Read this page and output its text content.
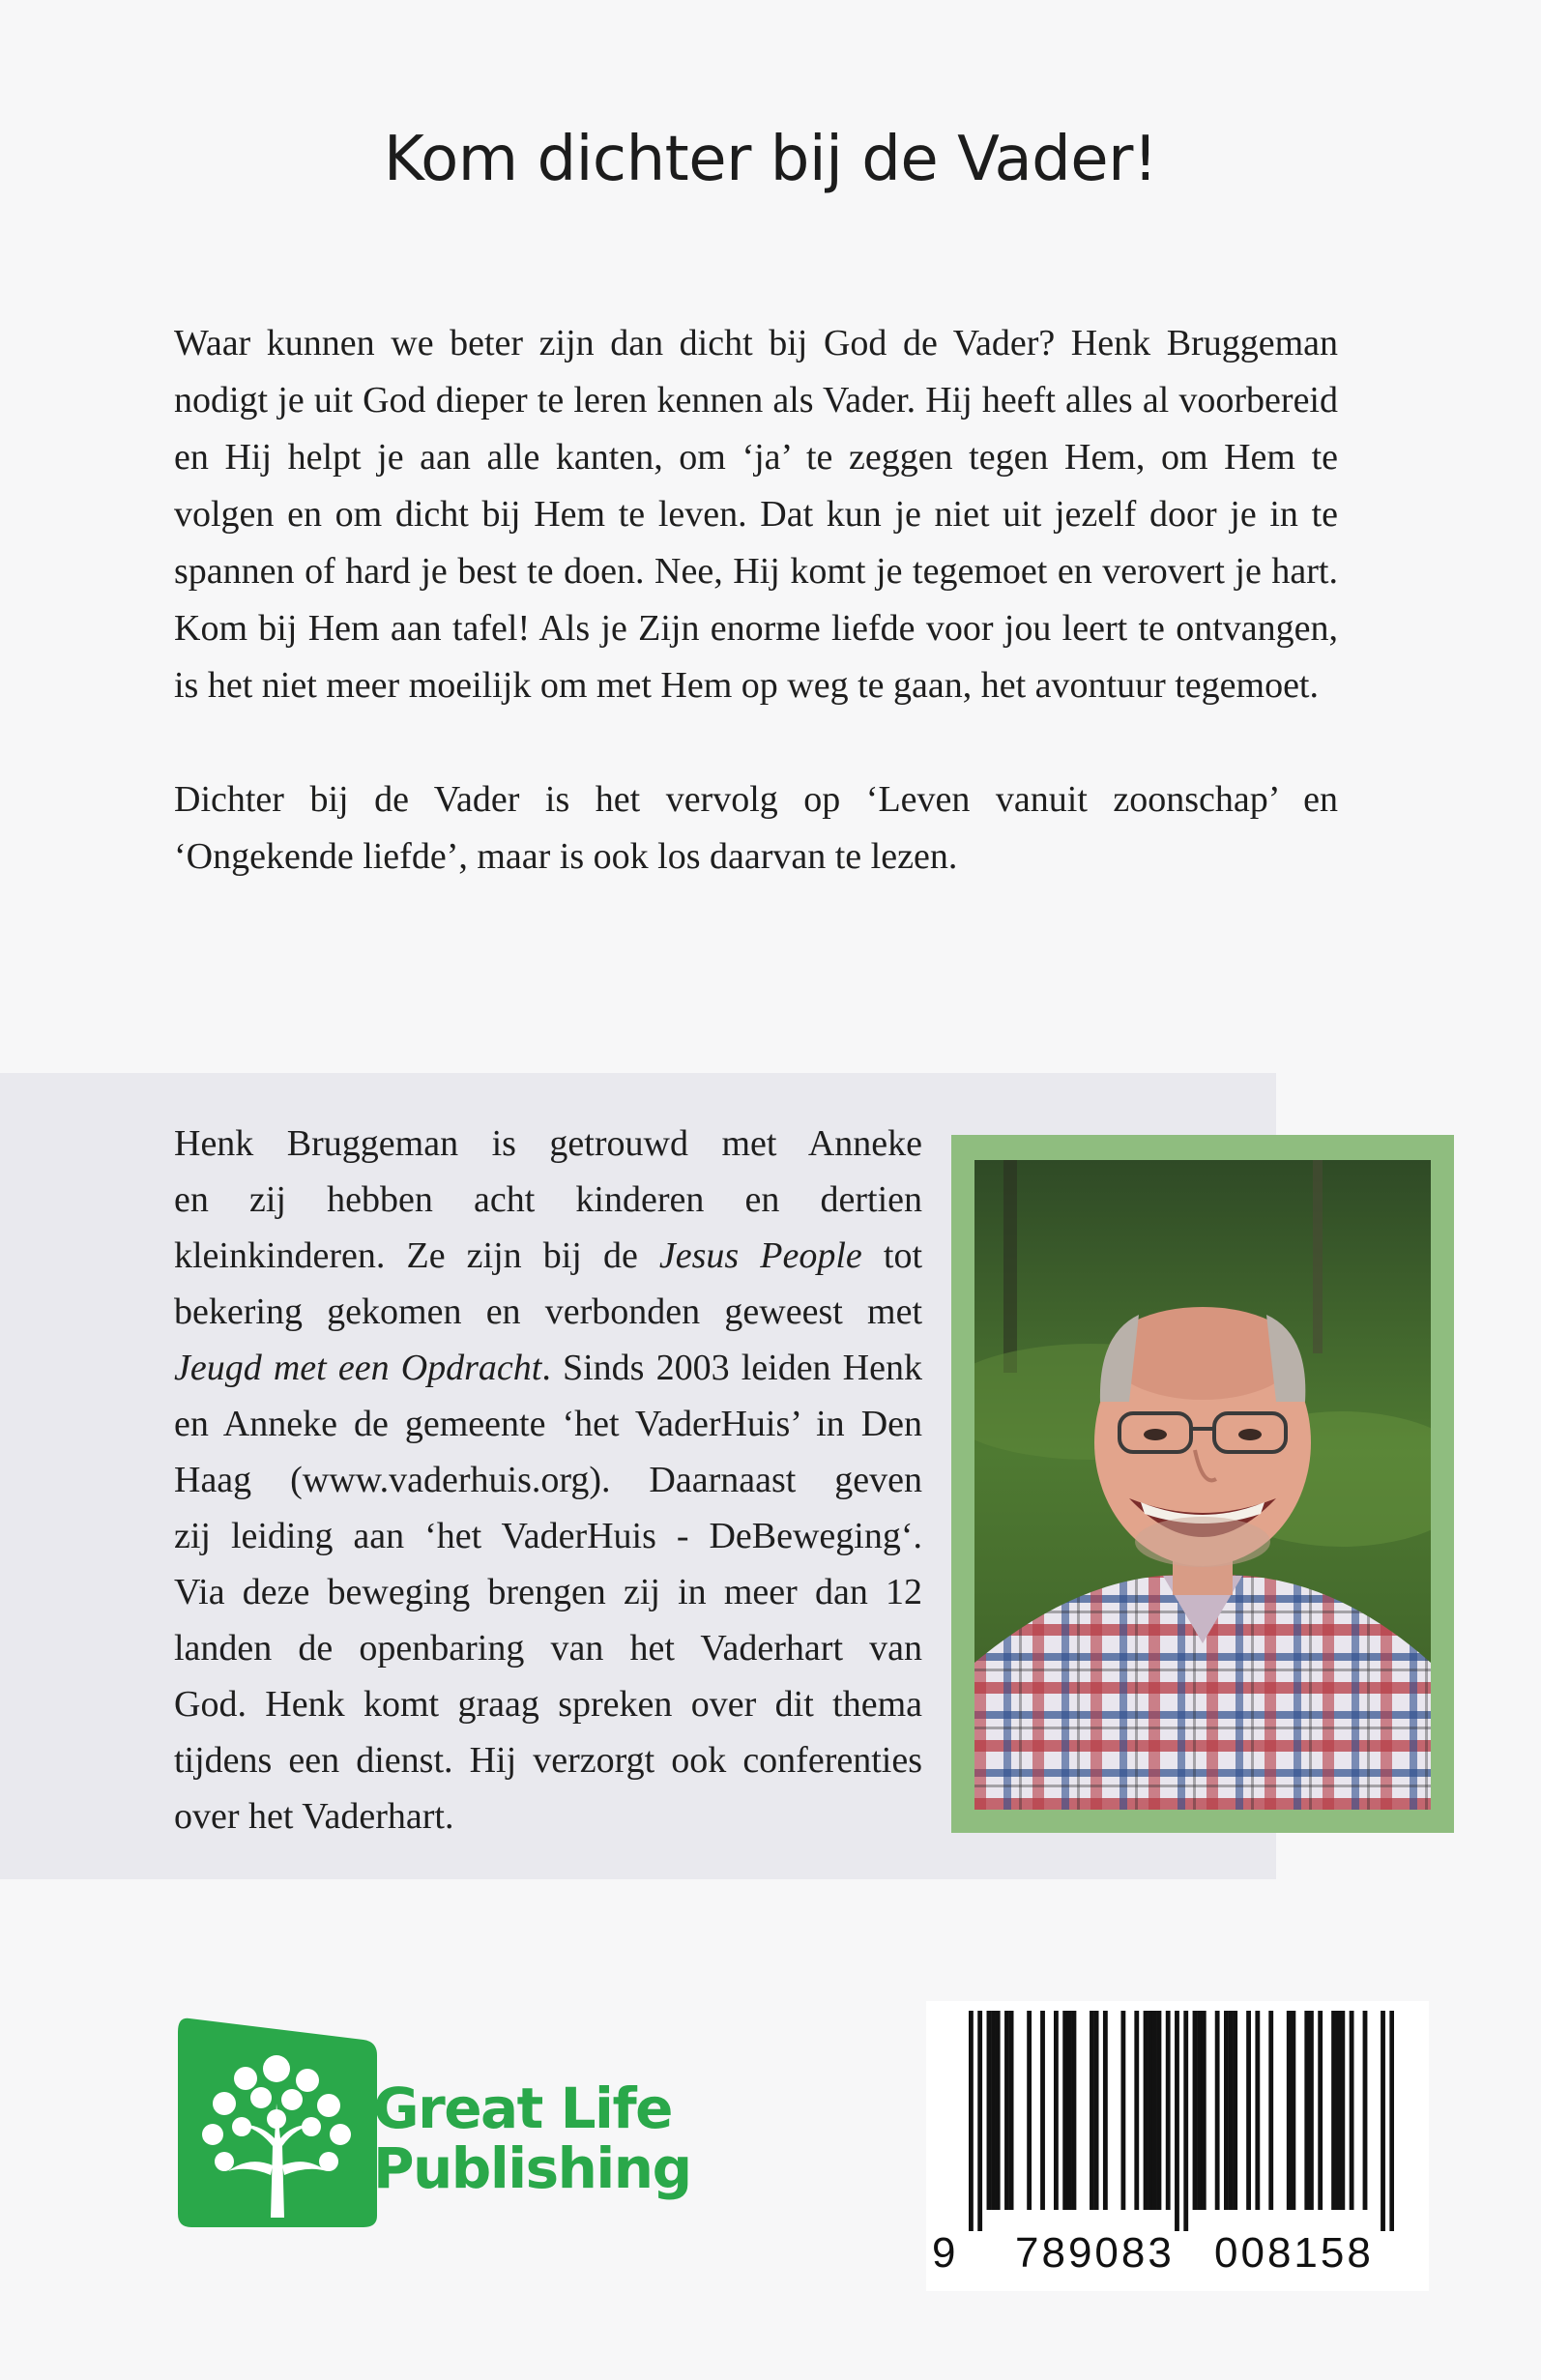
Kom dichter bij de Vader!

Waar kunnen we beter zijn dan dicht bij God de Vader? Henk Bruggeman nodigt je uit God dieper te leren kennen als Vader. Hij heeft alles al voorbereid en Hij helpt je aan alle kanten, om ‘ja’ te zeggen tegen Hem, om Hem te volgen en om dicht bij Hem te leven. Dat kun je niet uit jezelf door je in te spannen of hard je best te doen. Nee, Hij komt je tegemoet en verovert je hart. Kom bij Hem aan tafel! Als je Zijn enorme liefde voor jou leert te ontvangen, is het niet meer moeilijk om met Hem op weg te gaan, het avontuur tegemoet.

Dichter bij de Vader is het vervolg op ‘Leven vanuit zoonschap’ en ‘Ongekende liefde’, maar is ook los daarvan te lezen.

Henk Bruggeman is getrouwd met Anneke
en zij hebben acht kinderen en dertien
kleinkinderen. Ze zijn bij de Jesus People tot
bekering gekomen en verbonden geweest met
Jeugd met een Opdracht. Sinds 2003 leiden Henk
en Anneke de gemeente ‘het VaderHuis’ in Den
Haag (www.vaderhuis.org). Daarnaast geven
zij leiding aan ‘het VaderHuis - DeBeweging‘.
Via deze beweging brengen zij in meer dan 12
landen de openbaring van het Vaderhart van
God. Henk komt graag spreken over dit thema
tijdens een dienst. Hij verzorgt ook conferenties
over het Vaderhart.
Great Life
Publishing
9 789083 008158
